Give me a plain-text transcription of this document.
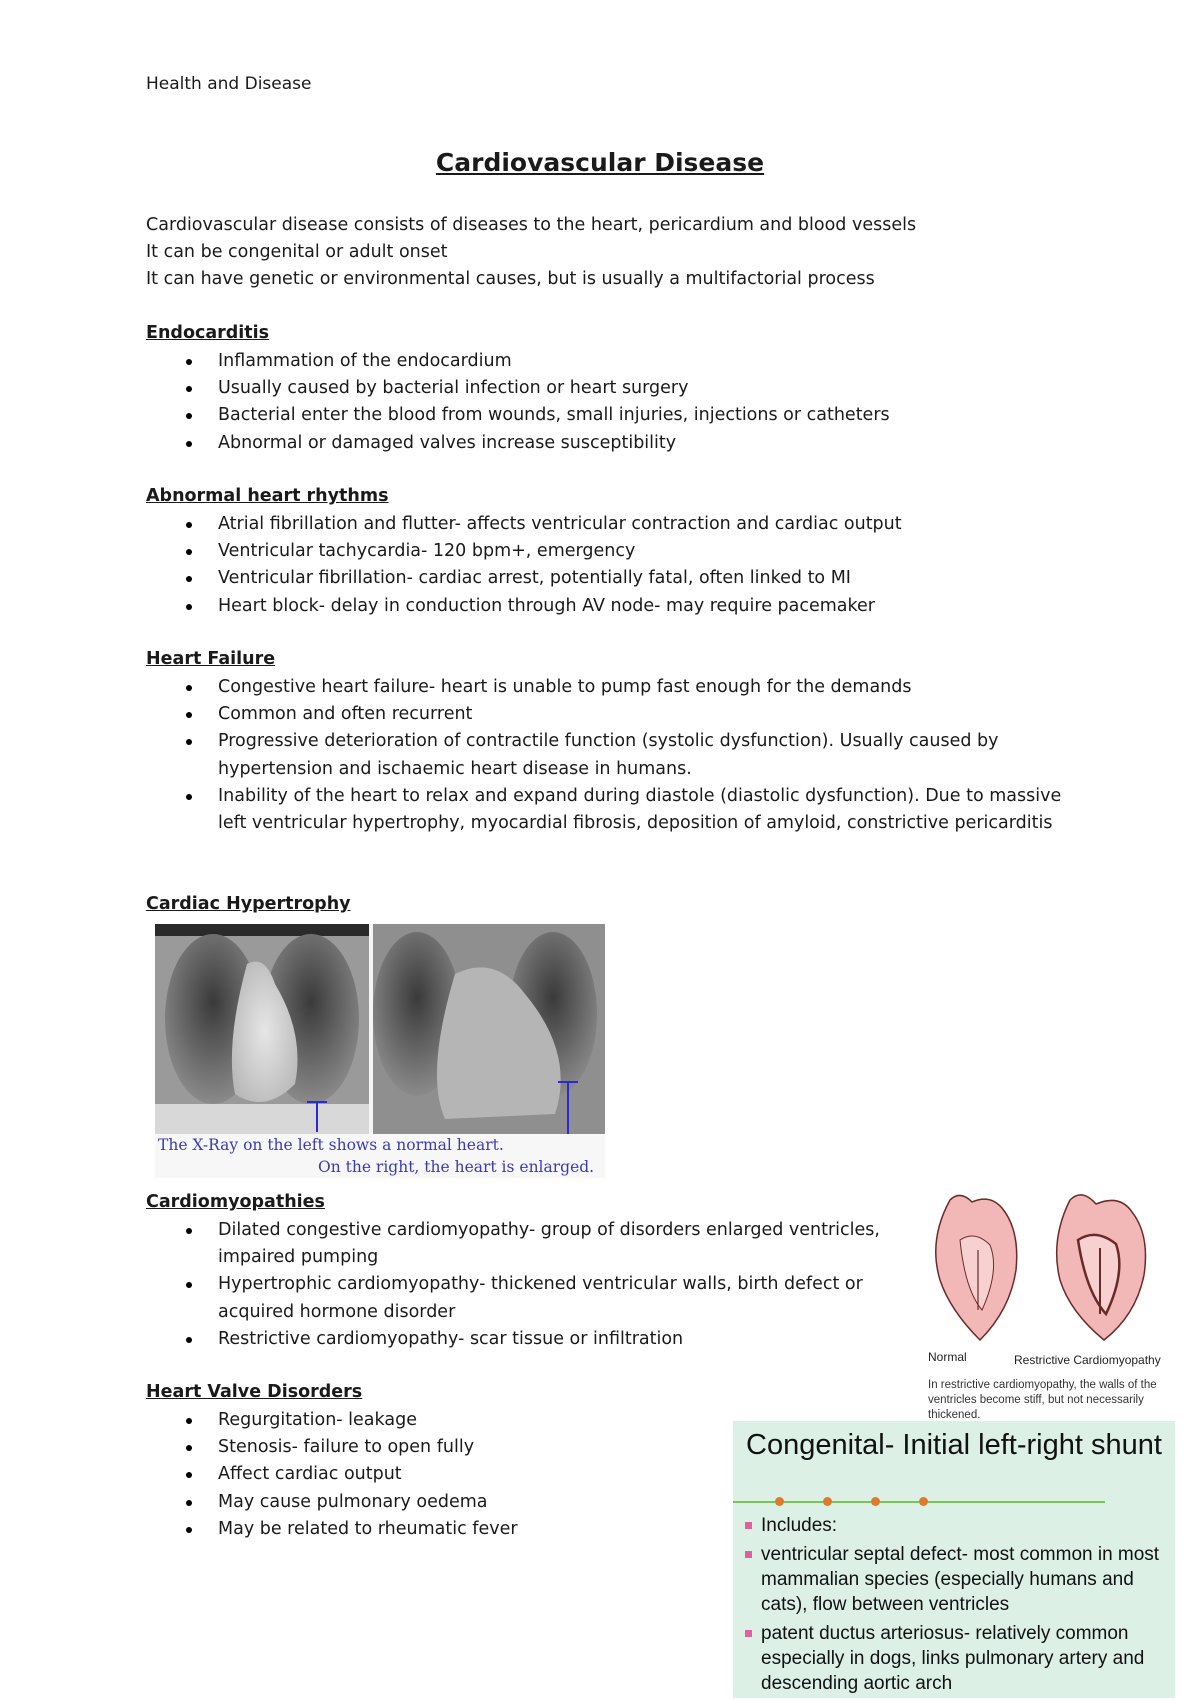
Health and Disease
Cardiovascular Disease
Cardiovascular disease consists of diseases to the heart, pericardium and blood vessels
It can be congenital or adult onset
It can have genetic or environmental causes, but is usually a multifactorial process
Endocarditis
Inflammation of the endocardium
Usually caused by bacterial infection or heart surgery
Bacterial enter the blood from wounds, small injuries, injections or catheters
Abnormal or damaged valves increase susceptibility
Abnormal heart rhythms
Atrial fibrillation and flutter- affects ventricular contraction and cardiac output
Ventricular tachycardia- 120 bpm+, emergency
Ventricular fibrillation- cardiac arrest, potentially fatal, often linked to MI
Heart block- delay in conduction through AV node- may require pacemaker
Heart Failure
Congestive heart failure- heart is unable to pump fast enough for the demands
Common and often recurrent
Progressive deterioration of contractile function (systolic dysfunction). Usually caused by hypertension and ischaemic heart disease in humans.
Inability of the heart to relax and expand during diastole (diastolic dysfunction). Due to massive left ventricular hypertrophy, myocardial fibrosis, deposition of amyloid, constrictive pericarditis
Cardiac Hypertrophy
The X-Ray on the left shows a normal heart.
On the right, the heart is enlarged.
Cardiomyopathies
Dilated congestive cardiomyopathy- group of disorders enlarged ventricles, impaired pumping
Hypertrophic cardiomyopathy- thickened ventricular walls, birth defect or acquired hormone disorder
Restrictive cardiomyopathy- scar tissue or infiltration
Normal	Restrictive Cardiomyopathy
In restrictive cardiomyopathy, the walls of the ventricles become stiff, but not necessarily thickened.
Heart Valve Disorders
Regurgitation- leakage
Stenosis- failure to open fully
Affect cardiac output
May cause pulmonary oedema
May be related to rheumatic fever
Congenital- Initial left-right shunt
Includes:
ventricular septal defect- most common in most mammalian species (especially humans and cats), flow between ventricles
patent ductus arteriosus- relatively common especially in dogs, links pulmonary artery and descending aortic arch
